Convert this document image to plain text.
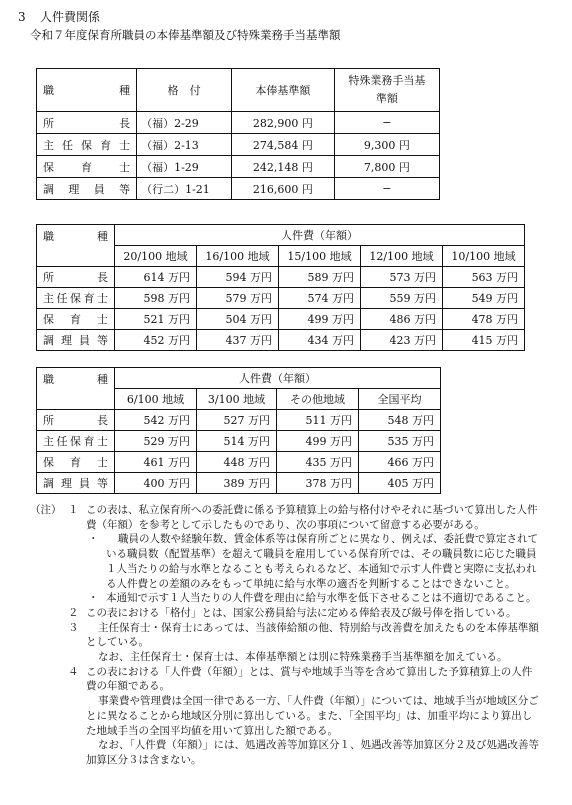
3 人件費関係
令和７年度保育所職員の本俸基準額及び特殊業務手当基準額
職　種	格　付	本俸基準額	特殊業務手当基準額
所長	（福）2-29	282,900 円	−
主任保育士	（福）2-13	274,584 円	9,300 円
保育士	（福）1-29	242,148 円	7,800 円
調理員等	（行二）1-21	216,600 円	−
職　種	人件費（年額）				
	20/100 地域	16/100 地域	15/100 地域	12/100 地域	10/100 地域
所長	614 万円	594 万円	589 万円	573 万円	563 万円
主任保育士	598 万円	579 万円	574 万円	559 万円	549 万円
保育士	521 万円	504 万円	499 万円	486 万円	478 万円
調理員等	452 万円	437 万円	434 万円	423 万円	415 万円
職　種	人件費（年額）			
	6/100 地域	3/100 地域	その他地域	全国平均
所長	542 万円	527 万円	511 万円	548 万円
主任保育士	529 万円	514 万円	499 万円	535 万円
保育士	461 万円	448 万円	435 万円	466 万円
調理員等	400 万円	389 万円	378 万円	405 万円
（注） １ この表は、私立保育所への委託費に係る予算積算上の給与格付けやそれに基づいて算出した人件費（年額）を参考として示したものであり、次の事項について留意する必要がある。
・	職員の人数や経験年数、賃金体系等は保育所ごとに異なり、例えば、委託費で算定されている職員数（配置基準）を超えて職員を雇用している保育所では、その職員数に応じた職員１人当たりの給与水準となることも考えられるなど、本通知で示す人件費と実際に支払われる人件費との差額のみをもって単純に給与水準の適否を判断することはできないこと。
・ 本通知で示す１人当たりの人件費を理由に給与水準を低下させることは不適切であること。
２ この表における「格付」とは、国家公務員給与法に定める俸給表及び級号俸を指している。
３	主任保育士・保育士にあっては、当該俸給額の他、特別給与改善費を加えたものを本俸基準額としている。
なお、主任保育士・保育士は、本俸基準額とは別に特殊業務手当基準額を加えている。
４ この表における「人件費（年額）」とは、賞与や地域手当等を含めて算出した予算積算上の人件費の年額である。
事業費や管理費は全国一律である一方、「人件費（年額）」については、地域手当が地域区分ごとに異なることから地域区分別に算出している。また、「全国平均」は、加重平均により算出した地域手当の全国平均値を用いて算出した額である。
なお、「人件費（年額）」には、処遇改善等加算区分１、処遇改善等加算区分２及び処遇改善等加算区分３は含まない。
